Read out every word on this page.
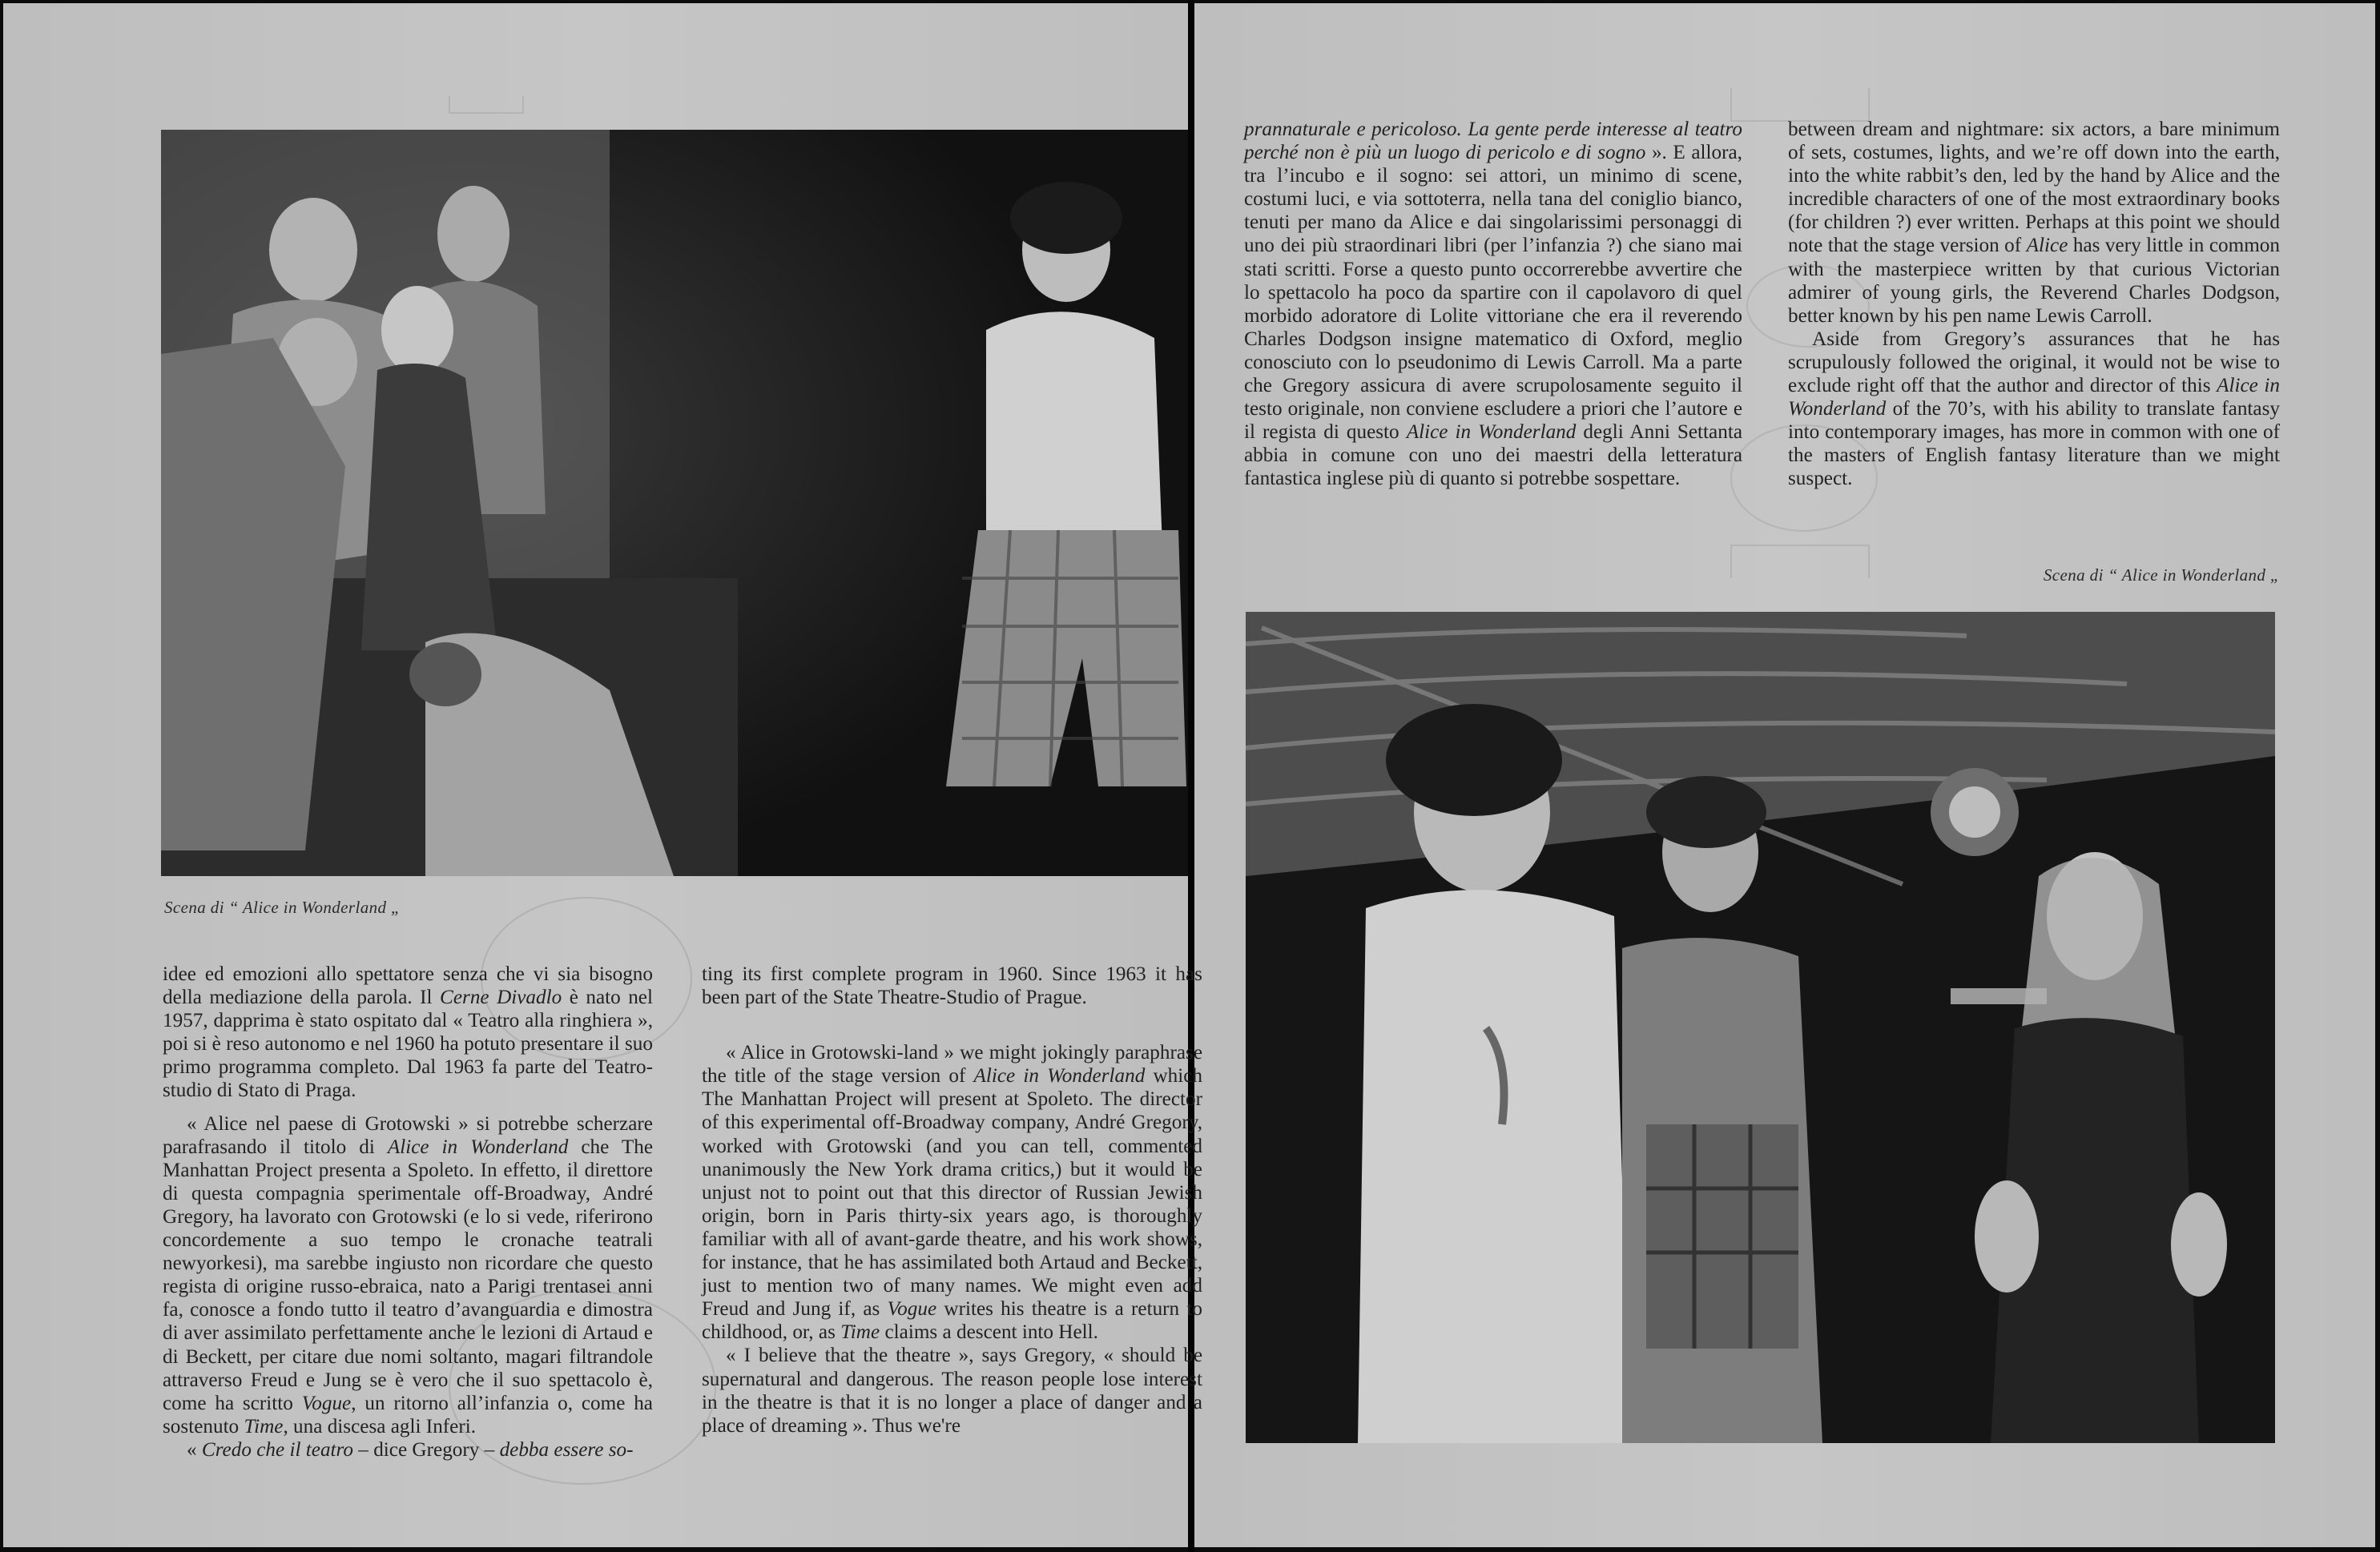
Scena di “ Alice in Wonderland „

idee ed emozioni allo spettatore senza che vi sia bisogno della mediazione della parola. Il Cerne Divadlo è nato nel 1957, dapprima è stato ospitato dal « Teatro alla ringhiera », poi si è reso autonomo e nel 1960 ha potuto presentare il suo primo programma completo. Dal 1963 fa parte del Teatro-studio di Stato di Praga.

« Alice nel paese di Grotowski » si potrebbe scherzare parafrasando il titolo di Alice in Wonderland che The Manhattan Project presenta a Spoleto. In effetto, il direttore di questa compagnia sperimentale off-Broadway, André Gregory, ha lavorato con Grotowski (e lo si vede, riferirono concordemente a suo tempo le cronache teatrali newyorkesi), ma sarebbe ingiusto non ricordare che questo regista di origine russo-ebraica, nato a Parigi trentasei anni fa, conosce a fondo tutto il teatro d’avanguardia e dimostra di aver assimilato perfettamente anche le lezioni di Artaud e di Beckett, per citare due nomi soltanto, magari filtrandole attraverso Freud e Jung se è vero che il suo spettacolo è, come ha scritto Vogue, un ritorno all’infanzia o, come ha sostenuto Time, una discesa agli Inferi.

« Credo che il teatro – dice Gregory – debba essere so-

ting its first complete program in 1960. Since 1963 it has been part of the State Theatre-Studio of Prague.

« Alice in Grotowski-land » we might jokingly paraphrase the title of the stage version of Alice in Wonderland which The Manhattan Project will present at Spoleto. The director of this experimental off-Broadway company, André Gregory, worked with Grotowski (and you can tell, commented unanimously the New York drama critics,) but it would be unjust not to point out that this director of Russian Jewish origin, born in Paris thirty-six years ago, is thoroughly familiar with all of avant-garde theatre, and his work shows, for instance, that he has assimilated both Artaud and Beckett, just to mention two of many names. We might even add Freud and Jung if, as Vogue writes his theatre is a return to childhood, or, as Time claims a descent into Hell.

« I believe that the theatre », says Gregory, « should be supernatural and dangerous. The reason people lose interest in the theatre is that it is no longer a place of danger and a place of dreaming ». Thus we're

prannaturale e pericoloso. La gente perde interesse al teatro perché non è più un luogo di pericolo e di sogno ». E allora, tra l’incubo e il sogno: sei attori, un minimo di scene, costumi luci, e via sottoterra, nella tana del coniglio bianco, tenuti per mano da Alice e dai singolarissimi personaggi di uno dei più straordinari libri (per l’infanzia ?) che siano mai stati scritti. Forse a questo punto occorrerebbe avvertire che lo spettacolo ha poco da spartire con il capolavoro di quel morbido adoratore di Lolite vittoriane che era il reverendo Charles Dodgson insigne matematico di Oxford, meglio conosciuto con lo pseudonimo di Lewis Carroll. Ma a parte che Gregory assicura di avere scrupolosamente seguito il testo originale, non conviene escludere a priori che l’autore e il regista di questo Alice in Wonderland degli Anni Settanta abbia in comune con uno dei maestri della letteratura fantastica inglese più di quanto si potrebbe sospettare.

between dream and nightmare: six actors, a bare minimum of sets, costumes, lights, and we’re off down into the earth, into the white rabbit’s den, led by the hand by Alice and the incredible characters of one of the most extraordinary books (for children ?) ever written. Perhaps at this point we should note that the stage version of Alice has very little in common with the masterpiece written by that curious Victorian admirer of young girls, the Reverend Charles Dodgson, better known by his pen name Lewis Carroll.

Aside from Gregory’s assurances that he has scrupulously followed the original, it would not be wise to exclude right off that the author and director of this Alice in Wonderland of the 70’s, with his ability to translate fantasy into contemporary images, has more in common with one of the masters of English fantasy literature than we might suspect.

Scena di “ Alice in Wonderland „
